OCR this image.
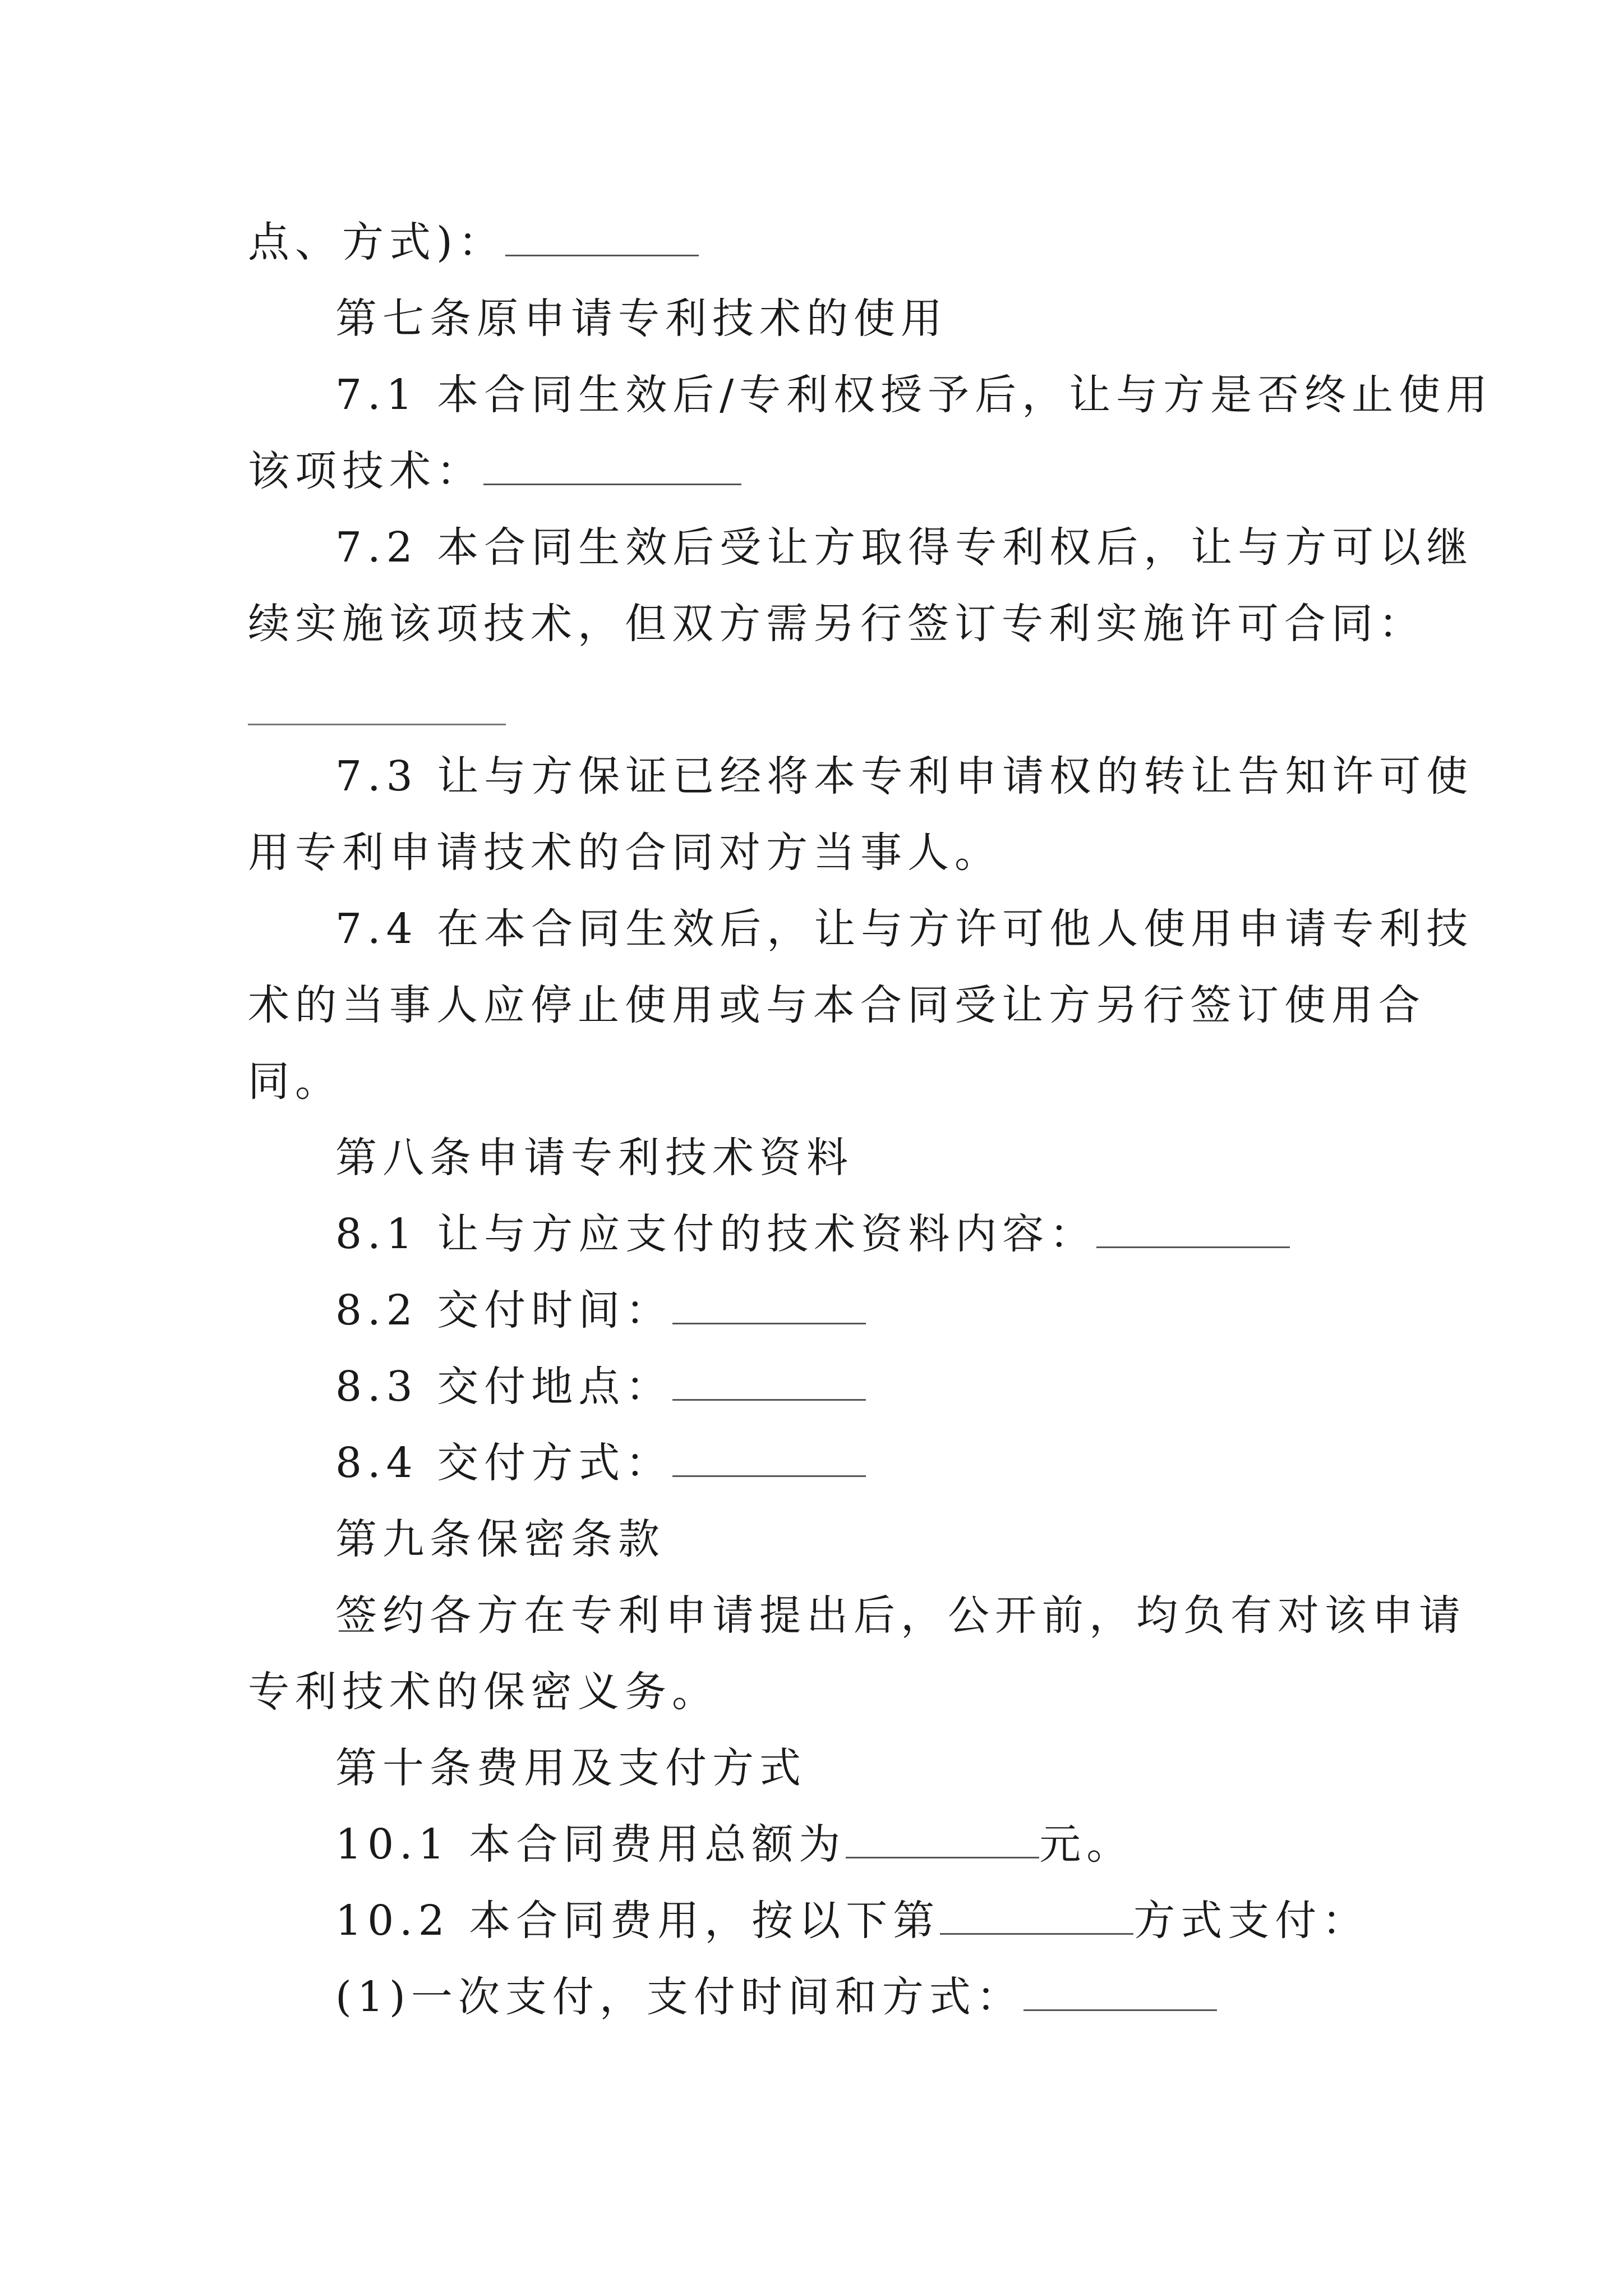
点、方式)：
第七条原申请专利技术的使用
7.1 本合同生效后/专利权授予后，让与方是否终止使用
该项技术：
7.2 本合同生效后受让方取得专利权后，让与方可以继
续实施该项技术，但双方需另行签订专利实施许可合同：
7.3 让与方保证已经将本专利申请权的转让告知许可使
用专利申请技术的合同对方当事人。
7.4 在本合同生效后，让与方许可他人使用申请专利技
术的当事人应停止使用或与本合同受让方另行签订使用合
同。
第八条申请专利技术资料
8.1 让与方应支付的技术资料内容：
8.2 交付时间：
8.3 交付地点：
8.4 交付方式：
第九条保密条款
签约各方在专利申请提出后，公开前，均负有对该申请
专利技术的保密义务。
第十条费用及支付方式
10.1 本合同费用总额为	元。
10.2 本合同费用，按以下第	方式支付：
(1)一次支付，支付时间和方式：
